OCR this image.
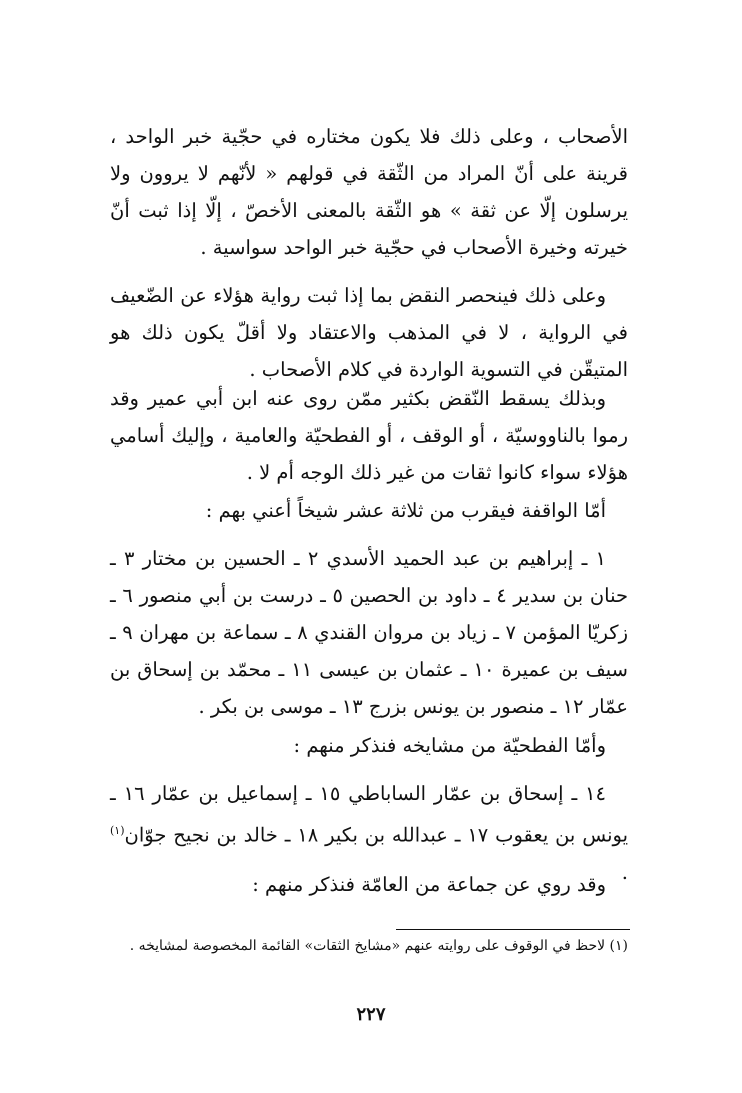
الأصحاب ، وعلى ذلك فلا يكون مختاره في حجّية خبر الواحد ، قرينة على أنّ المراد من الثّقة في قولهم « لأنّهم لا يروون ولا يرسلون إلّا عن ثقة » هو الثّقة بالمعنى الأخصّ ، إلّا إذا ثبت أنّ خيرته وخيرة الأصحاب في حجّية خبر الواحد سواسية .

وعلى ذلك فينحصر النقض بما إذا ثبت رواية هؤلاء عن الضّعيف في الرواية ، لا في المذهب والاعتقاد ولا أقلّ يكون ذلك هو المتيقّن في التسوية الواردة في كلام الأصحاب .

وبذلك يسقط النّقض بكثير ممّن روى عنه ابن أبي عمير وقد رموا بالناووسيّة ، أو الوقف ، أو الفطحيّة والعامية ، وإليك أسامي هؤلاء سواء كانوا ثقات من غير ذلك الوجه أم لا .

أمّا الواقفة فيقرب من ثلاثة عشر شيخاً أعني بهم :

١ ـ إبراهيم بن عبد الحميد الأسدي ٢ ـ الحسين بن مختار ٣ ـ حنان بن سدير ٤ ـ داود بن الحصين ٥ ـ درست بن أبي منصور ٦ ـ زكريّا المؤمن ٧ ـ زياد بن مروان القندي ٨ ـ سماعة بن مهران ٩ ـ سيف بن عميرة ١٠ ـ عثمان بن عيسى ١١ ـ محمّد بن إسحاق بن عمّار ١٢ ـ منصور بن يونس بزرج ١٣ ـ موسى بن بكر .

وأمّا الفطحيّة من مشايخه فنذكر منهم :

١٤ ـ إسحاق بن عمّار الساباطي ١٥ ـ إسماعيل بن عمّار ١٦ ـ يونس بن يعقوب ١٧ ـ عبدالله بن بكير ١٨ ـ خالد بن نجيح جوّان$^{(١)}$ .

وقد روي عن جماعة من العامّة فنذكر منهم :

(١) لاحظ في الوقوف على روايته عنهم «مشايخ الثقات» القائمة المخصوصة لمشايخه .
٢٢٧
